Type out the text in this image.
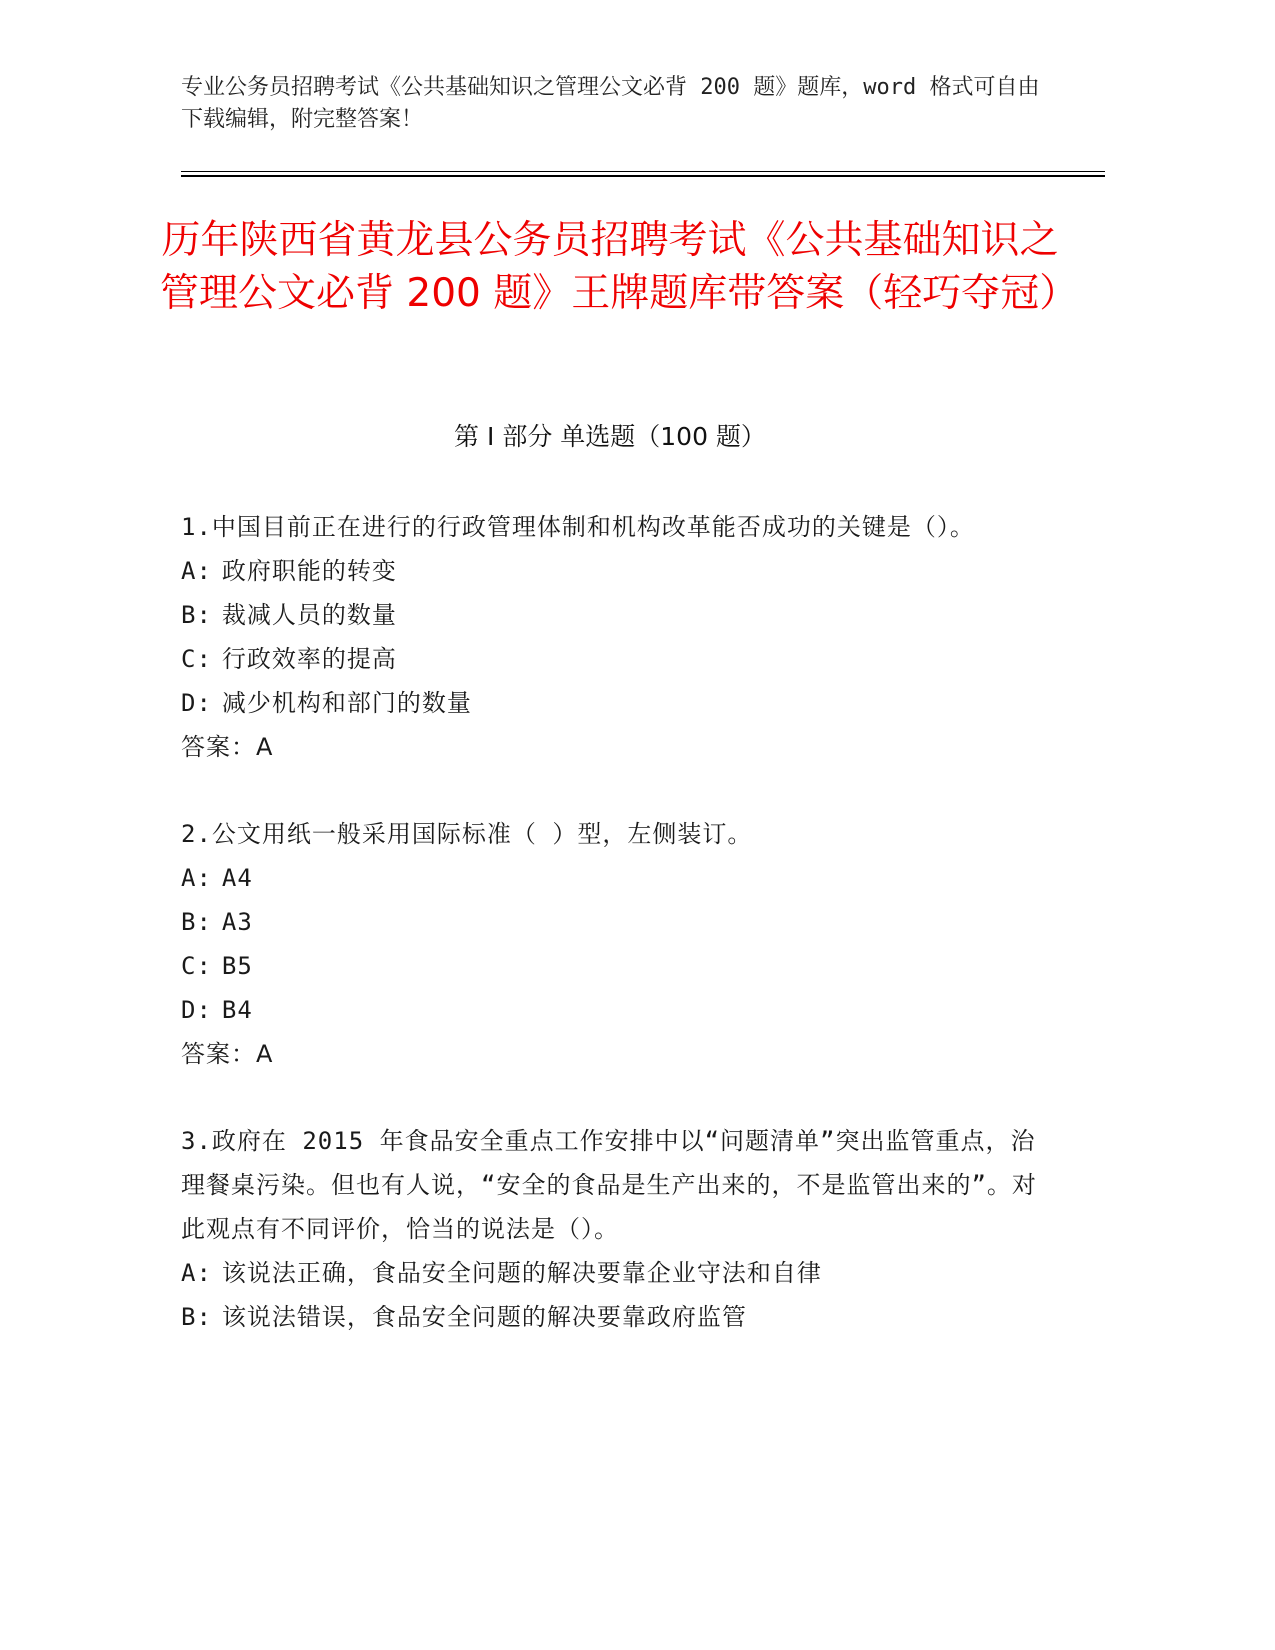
专业公务员招聘考试《公共基础知识之管理公文必背 200 题》题库，word 格式可自由下载编辑，附完整答案！
历年陕西省黄龙县公务员招聘考试《公共基础知识之管理公文必背 200 题》王牌题库带答案（轻巧夺冠）
第 I 部分 单选题（100 题）

1.中国目前正在进行的行政管理体制和机构改革能否成功的关键是（）。

A: 政府职能的转变

B: 裁减人员的数量

C: 行政效率的提高

D: 减少机构和部门的数量

答案：A

2.公文用纸一般采用国际标准（ ）型，左侧装订。

A: A4

B: A3

C: B5

D: B4

答案：A

3.政府在 2015 年食品安全重点工作安排中以“问题清单”突出监管重点，治理餐桌污染。但也有人说，“安全的食品是生产出来的，不是监管出来的”。对此观点有不同评价，恰当的说法是（）。

A: 该说法正确，食品安全问题的解决要靠企业守法和自律

B: 该说法错误，食品安全问题的解决要靠政府监管
